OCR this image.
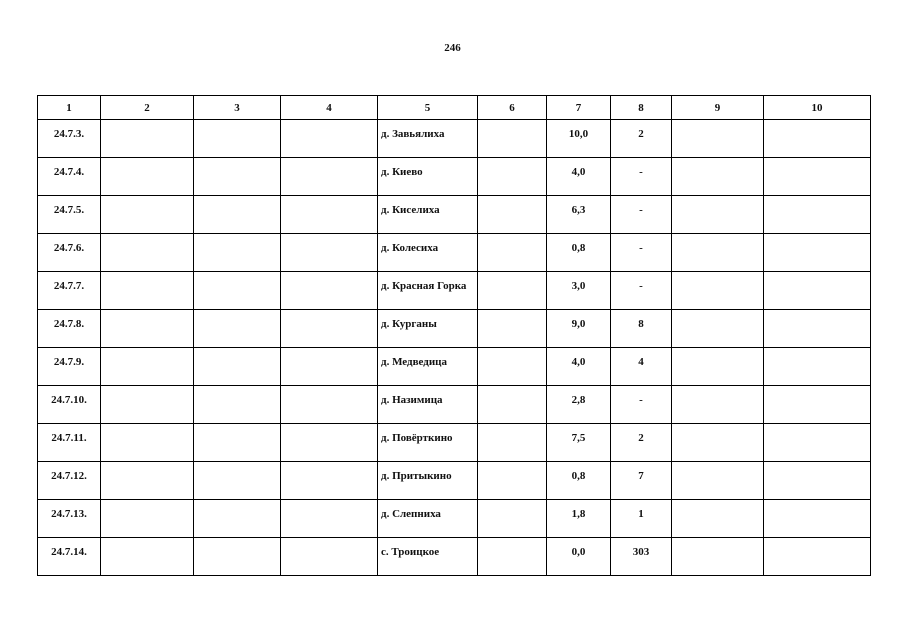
246
1	2	3	4	5	6	7	8	9	10

24.7.3.				д. Завьялиха		10,0	2		

24.7.4.				д. Киево		4,0	-		

24.7.5.				д. Киселиха		6,3	-		

24.7.6.				д. Колесиха		0,8	-		

24.7.7.				д. Красная Горка		3,0	-		

24.7.8.				д. Курганы		9,0	8		

24.7.9.				д. Медведица		4,0	4		

24.7.10.				д. Назимица		2,8	-		

24.7.11.				д. Повёрткино		7,5	2		

24.7.12.				д. Притыкино		0,8	7		

24.7.13.				д. Слепниха		1,8	1		

24.7.14.				с. Троицкое		0,0	303		
